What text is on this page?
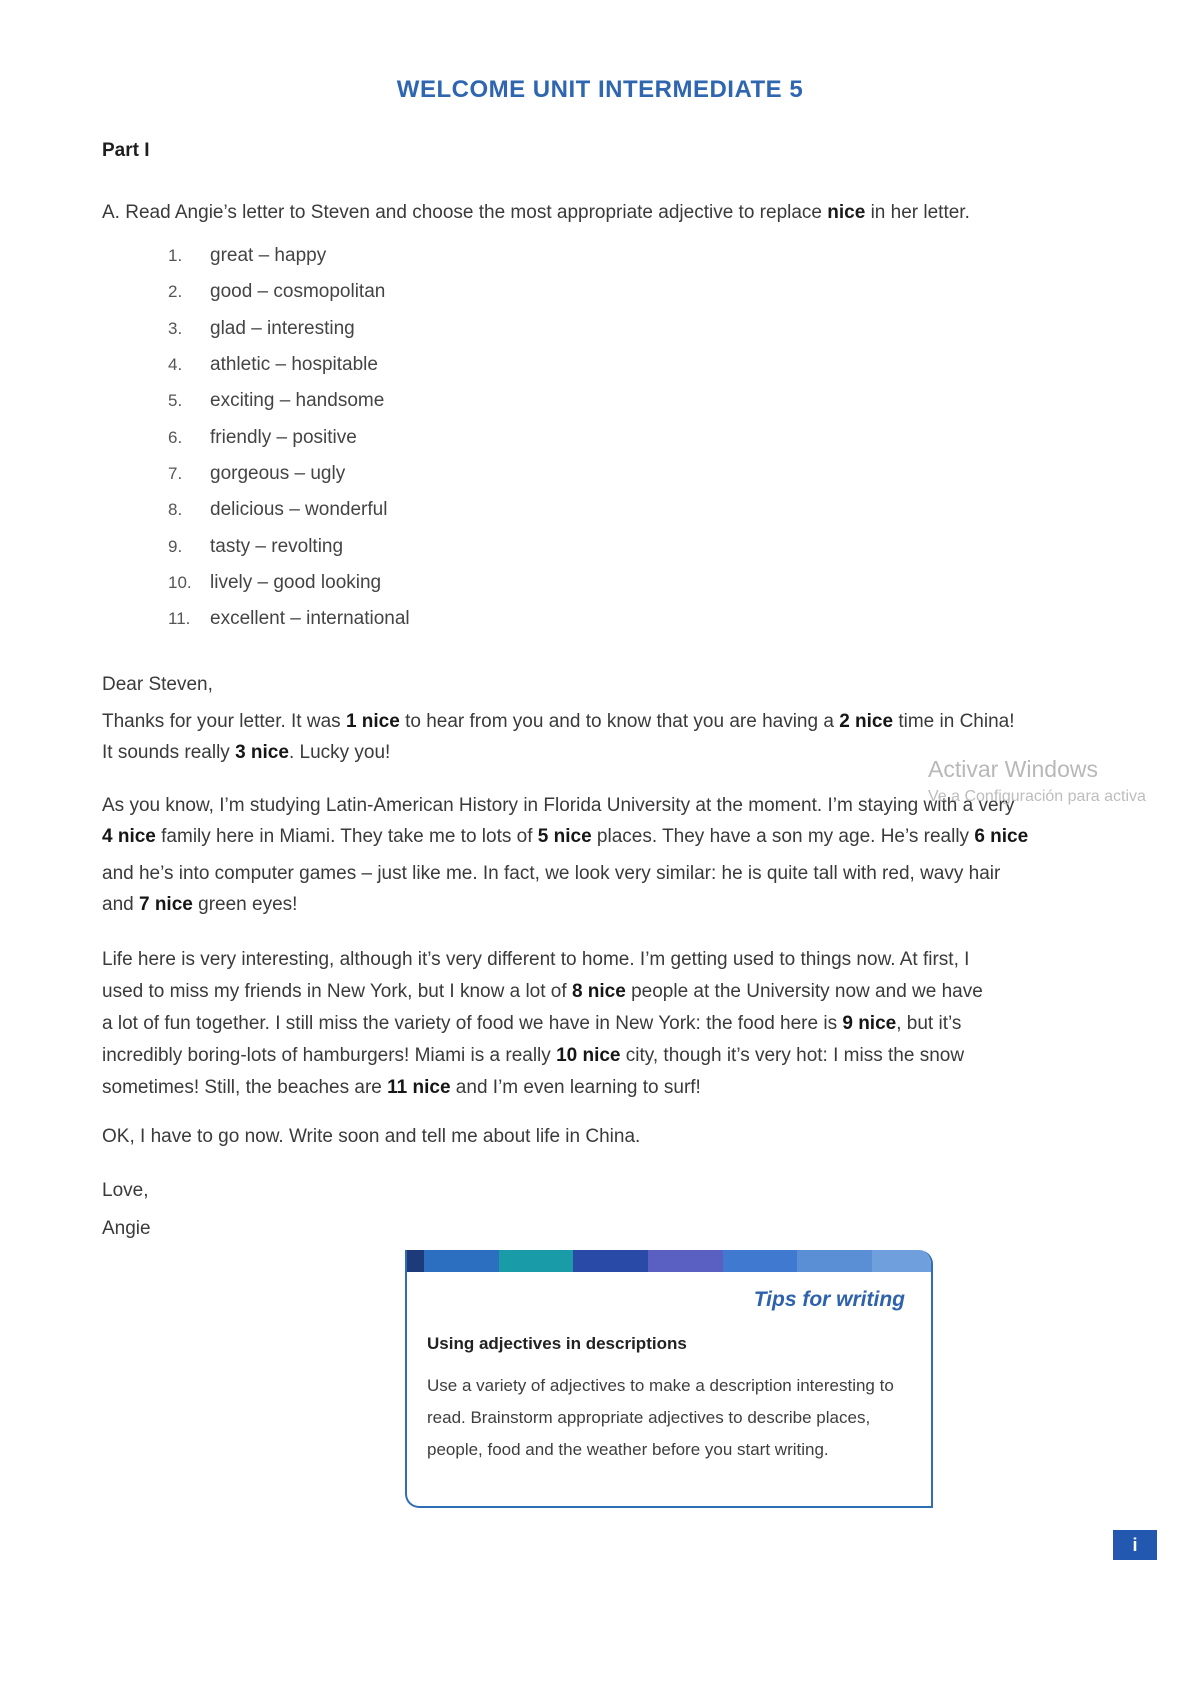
WELCOME UNIT INTERMEDIATE 5
Part I
A. Read Angie’s letter to Steven and choose the most appropriate adjective to replace nice in her letter.
1.	great – happy
2.	good – cosmopolitan
3.	glad – interesting
4.	athletic – hospitable
5.	exciting – handsome
6.	friendly – positive
7.	gorgeous – ugly
8.	delicious – wonderful
9.	tasty – revolting
10. lively – good looking
11.	excellent – international
Dear Steven,
Thanks for your letter. It was 1 nice to hear from you and to know that you are having a 2 nice time in China!
It sounds really 3 nice. Lucky you!
As you know, I’m studying Latin-American History in Florida University at the moment. I’m staying with a very
4 nice family here in Miami. They take me to lots of 5 nice places. They have a son my age. He’s really 6 nice
and he’s into computer games – just like me. In fact, we look very similar: he is quite tall with red, wavy hair
and 7 nice green eyes!
Life here is very interesting, although it’s very different to home. I’m getting used to things now. At first, I
used to miss my friends in New York, but I know a lot of 8 nice people at the University now and we have
a lot of fun together. I still miss the variety of food we have in New York: the food here is 9 nice, but it’s
incredibly boring-lots of hamburgers! Miami is a really 10 nice city, though it’s very hot: I miss the snow
sometimes! Still, the beaches are 11 nice and I’m even learning to surf!
OK, I have to go now. Write soon and tell me about life in China.
Love,
Angie
Activar Windows
Ve a Configuración para activa
Tips for writing
Using adjectives in descriptions
Use a variety of adjectives to make a description interesting to read. Brainstorm appropriate adjectives to describe places, people, food and the weather before you start writing.
i
